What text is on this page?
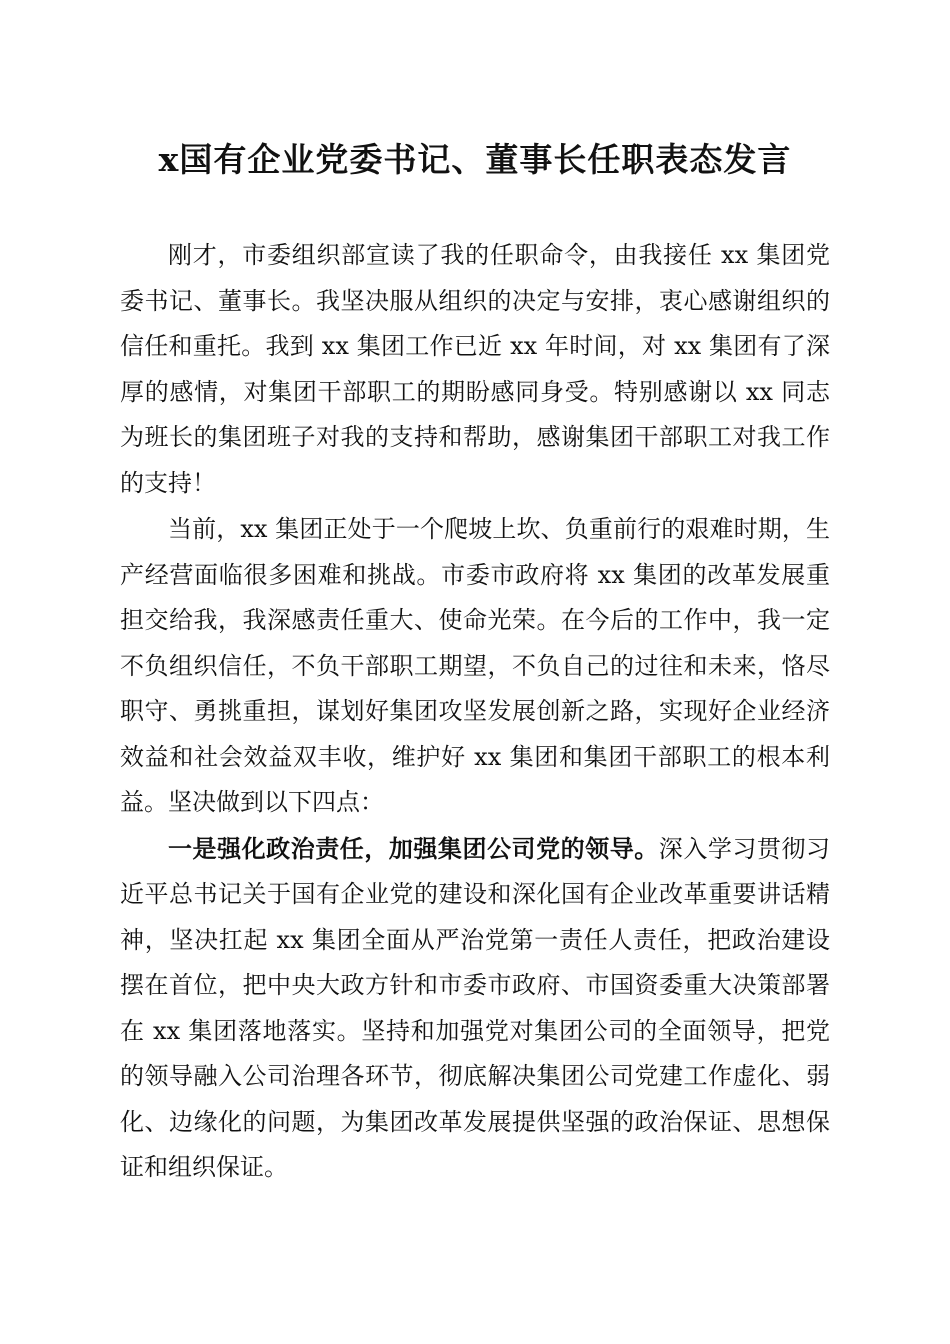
x国有企业党委书记、董事长任职表态发言

刚才，市委组织部宣读了我的任职命令，由我接任 xx 集团党委书记、董事长。我坚决服从组织的决定与安排，衷心感谢组织的信任和重托。我到 xx 集团工作已近 xx 年时间，对 xx 集团有了深厚的感情，对集团干部职工的期盼感同身受。特别感谢以 xx 同志为班长的集团班子对我的支持和帮助，感谢集团干部职工对我工作的支持！

当前，xx 集团正处于一个爬坡上坎、负重前行的艰难时期，生产经营面临很多困难和挑战。市委市政府将 xx 集团的改革发展重担交给我，我深感责任重大、使命光荣。在今后的工作中，我一定不负组织信任，不负干部职工期望，不负自己的过往和未来，恪尽职守、勇挑重担，谋划好集团攻坚发展创新之路，实现好企业经济效益和社会效益双丰收，维护好 xx 集团和集团干部职工的根本利益。坚决做到以下四点：

一是强化政治责任，加强集团公司党的领导。深入学习贯彻习近平总书记关于国有企业党的建设和深化国有企业改革重要讲话精神，坚决扛起 xx 集团全面从严治党第一责任人责任，把政治建设摆在首位，把中央大政方针和市委市政府、市国资委重大决策部署在 xx 集团落地落实。坚持和加强党对集团公司的全面领导，把党的领导融入公司治理各环节，彻底解决集团公司党建工作虚化、弱化、边缘化的问题，为集团改革发展提供坚强的政治保证、思想保证和组织保证。
